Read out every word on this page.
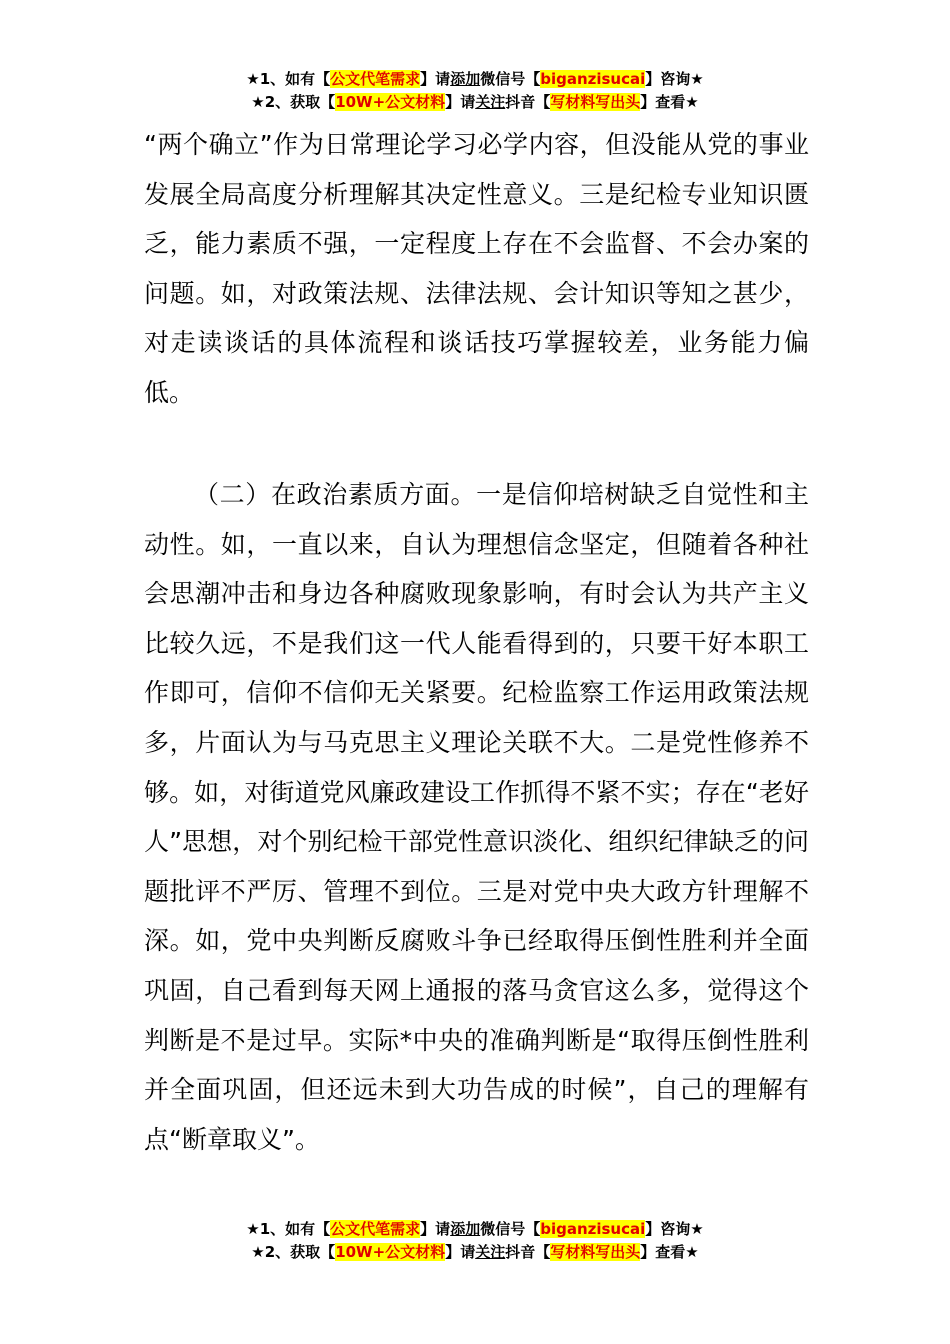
★1、如有【公文代笔需求】请添加微信号【biganzisucai】咨询★
★2、获取【10W+公文材料】请关注抖音【写材料写出头】查看★

“两个确立”作为日常理论学习必学内容，但没能从党的事业发展全局高度分析理解其决定性意义。三是纪检专业知识匮乏，能力素质不强，一定程度上存在不会监督、不会办案的问题。如，对政策法规、法律法规、会计知识等知之甚少，对走读谈话的具体流程和谈话技巧掌握较差，业务能力偏低。

（二）在政治素质方面。一是信仰培树缺乏自觉性和主动性。如，一直以来，自认为理想信念坚定，但随着各种社会思潮冲击和身边各种腐败现象影响，有时会认为共产主义比较久远，不是我们这一代人能看得到的，只要干好本职工作即可，信仰不信仰无关紧要。纪检监察工作运用政策法规多，片面认为与马克思主义理论关联不大。二是党性修养不够。如，对街道党风廉政建设工作抓得不紧不实；存在“老好人”思想，对个别纪检干部党性意识淡化、组织纪律缺乏的问题批评不严厉、管理不到位。三是对党中央大政方针理解不深。如，党中央判断反腐败斗争已经取得压倒性胜利并全面巩固，自己看到每天网上通报的落马贪官这么多，觉得这个判断是不是过早。实际*中央的准确判断是“取得压倒性胜利并全面巩固，但还远未到大功告成的时候”，自己的理解有点“断章取义”。

★1、如有【公文代笔需求】请添加微信号【biganzisucai】咨询★
★2、获取【10W+公文材料】请关注抖音【写材料写出头】查看★
